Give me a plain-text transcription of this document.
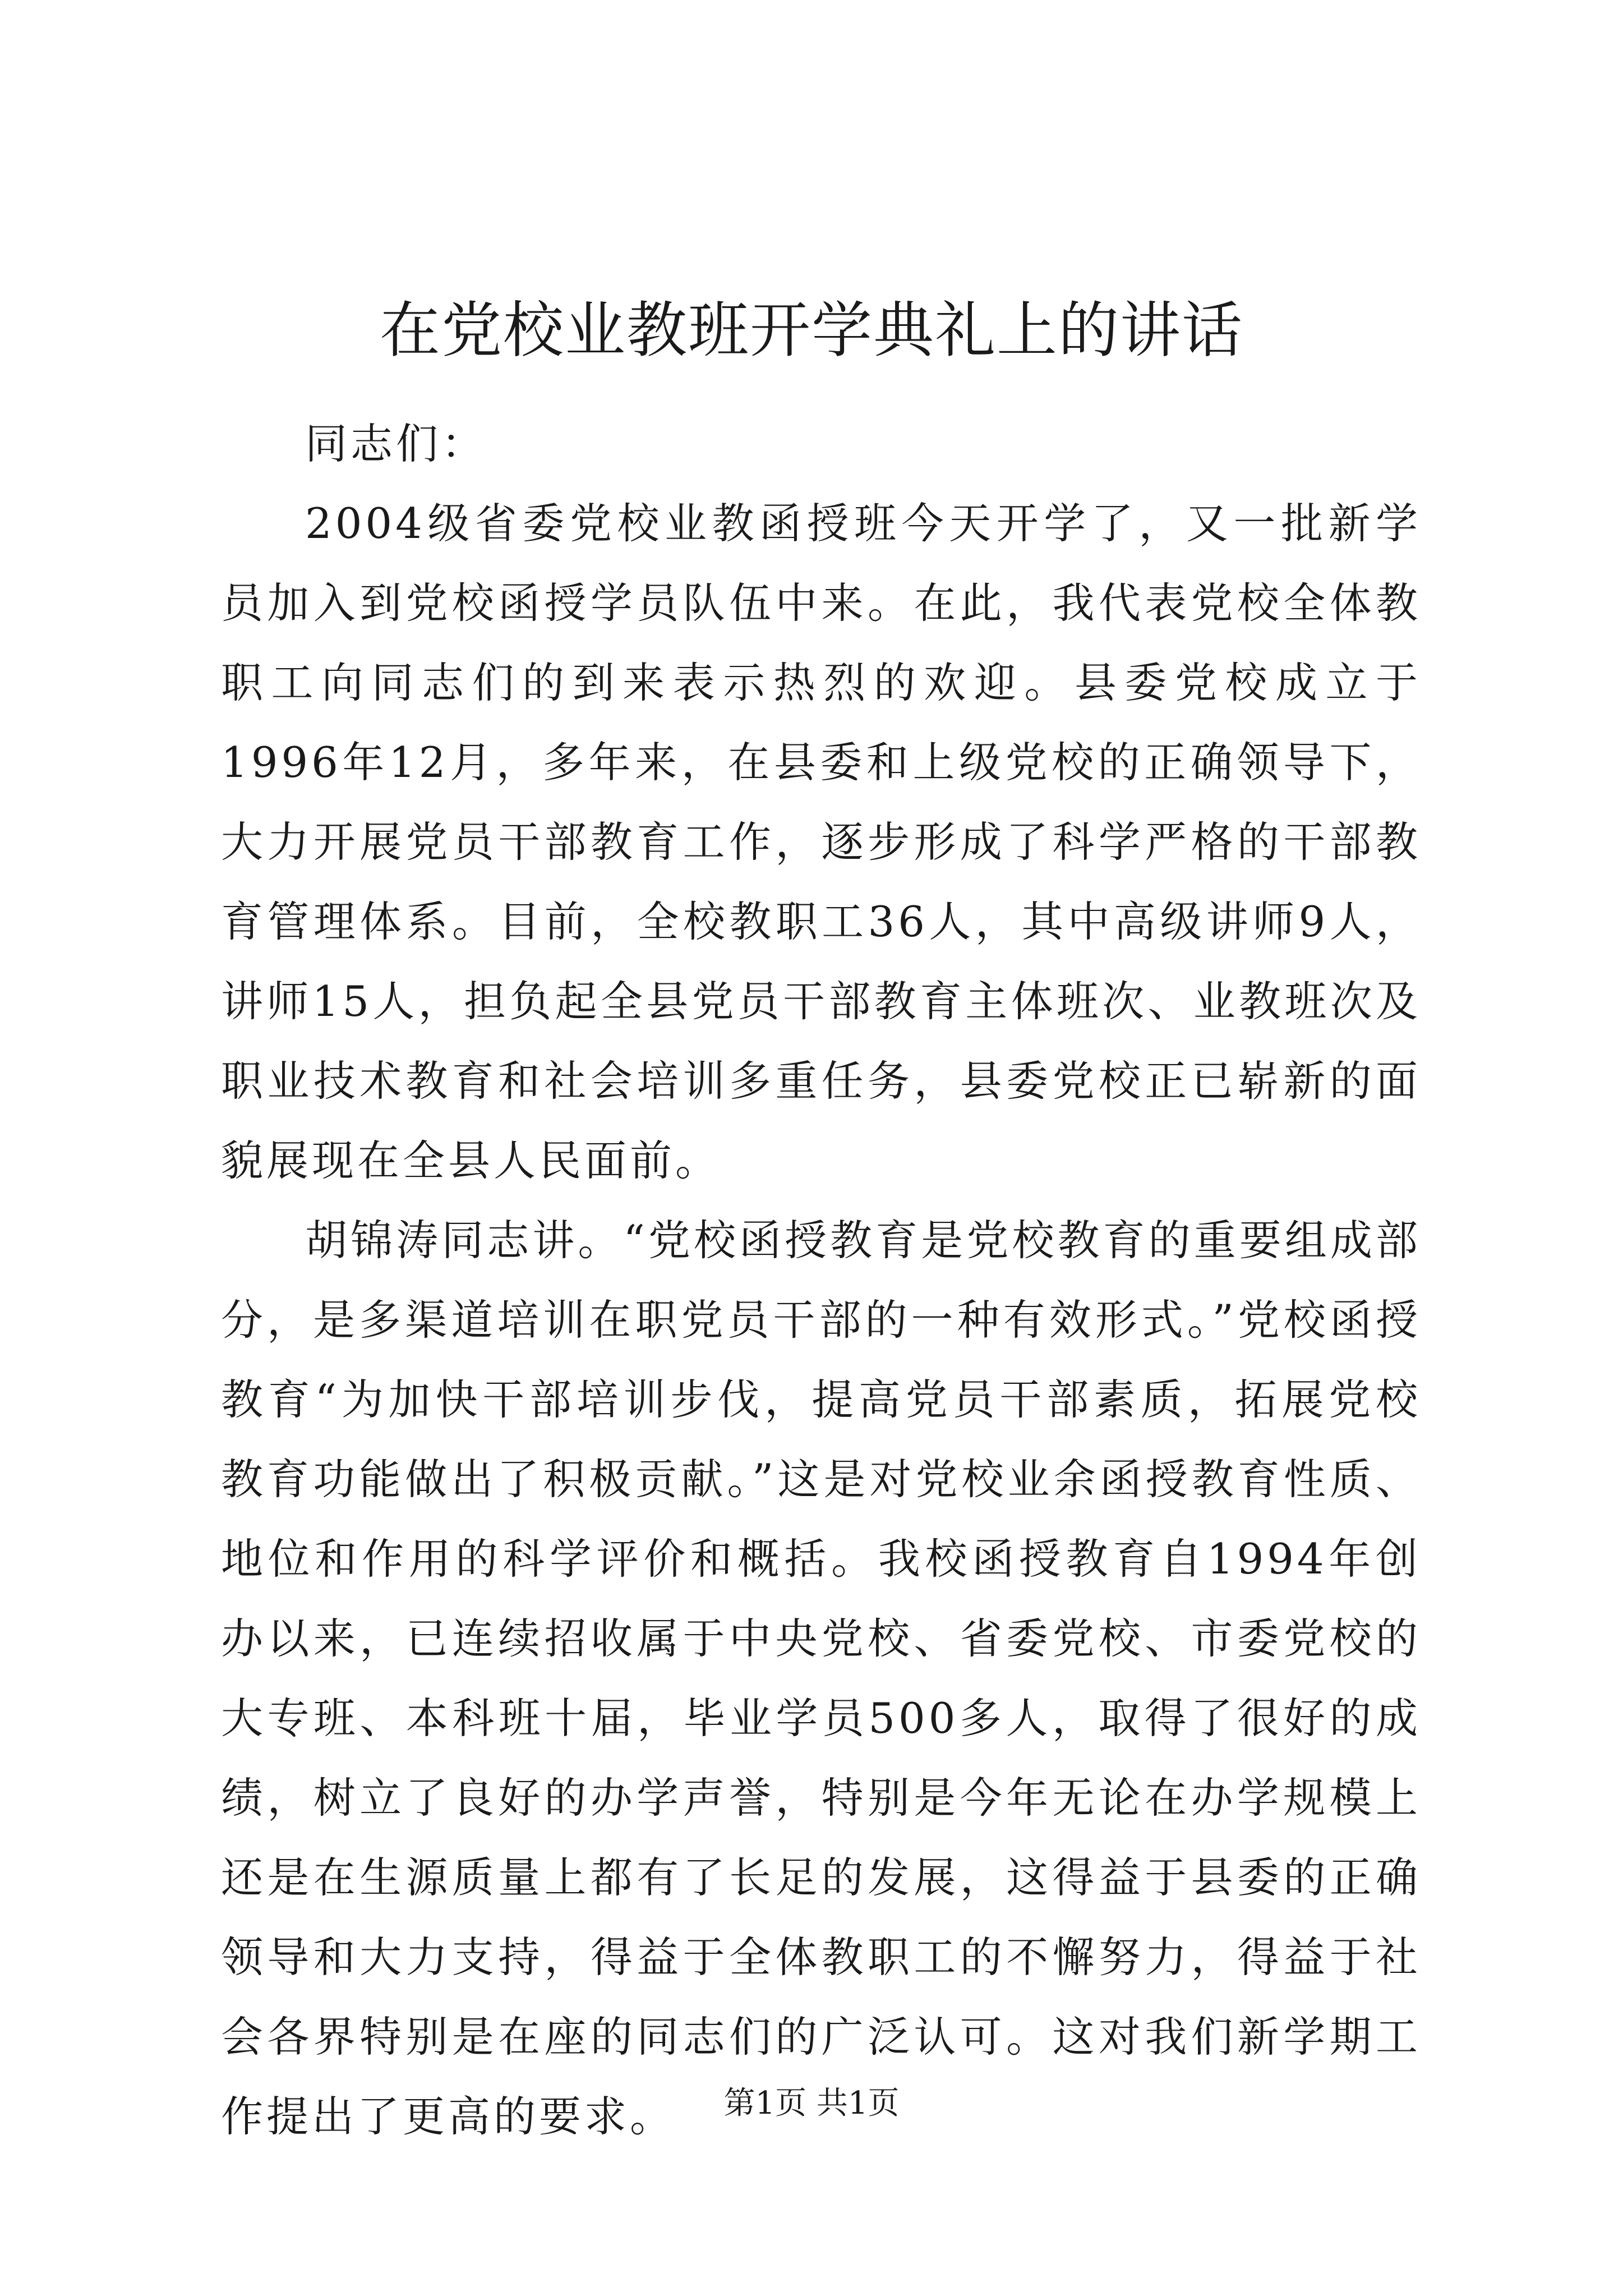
在党校业教班开学典礼上的讲话

同志们：

2004级省委党校业教函授班今天开学了，又一批新学员加入到党校函授学员队伍中来。在此，我代表党校全体教职工向同志们的到来表示热烈的欢迎。县委党校成立于1996年12月，多年来，在县委和上级党校的正确领导下，大力开展党员干部教育工作，逐步形成了科学严格的干部教育管理体系。目前，全校教职工36人，其中高级讲师9人，讲师15人，担负起全县党员干部教育主体班次、业教班次及职业技术教育和社会培训多重任务，县委党校正已崭新的面貌展现在全县人民面前。

胡锦涛同志讲。“党校函授教育是党校教育的重要组成部分，是多渠道培训在职党员干部的一种有效形式。”党校函授教育“为加快干部培训步伐，提高党员干部素质，拓展党校教育功能做出了积极贡献。”这是对党校业余函授教育性质、地位和作用的科学评价和概括。我校函授教育自1994年创办以来，已连续招收属于中央党校、省委党校、市委党校的大专班、本科班十届，毕业学员500多人，取得了很好的成绩，树立了良好的办学声誉，特别是今年无论在办学规模上还是在生源质量上都有了长足的发展，这得益于县委的正确领导和大力支持，得益于全体教职工的不懈努力，得益于社会各界特别是在座的同志们的广泛认可。这对我们新学期工作提出了更高的要求。	第1页 共1页
